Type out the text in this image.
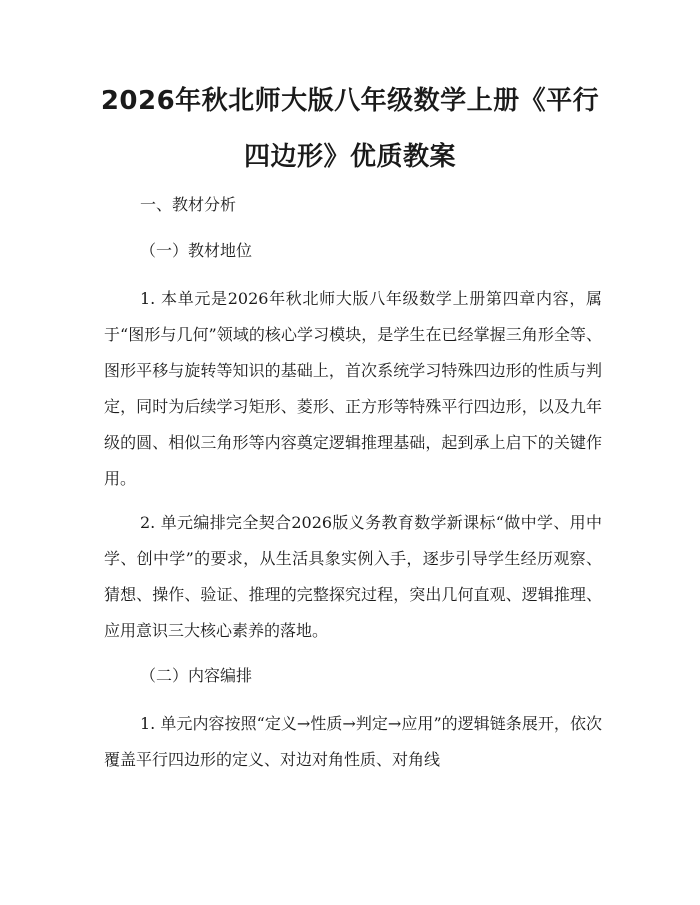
2026年秋北师大版八年级数学上册《平行四边形》优质教案

一、教材分析

（一）教材地位

1. 本单元是2026年秋北师大版八年级数学上册第四章内容，属于“图形与几何”领域的核心学习模块，是学生在已经掌握三角形全等、图形平移与旋转等知识的基础上，首次系统学习特殊四边形的性质与判定，同时为后续学习矩形、菱形、正方形等特殊平行四边形，以及九年级的圆、相似三角形等内容奠定逻辑推理基础，起到承上启下的关键作用。

2. 单元编排完全契合2026版义务教育数学新课标“做中学、用中学、创中学”的要求，从生活具象实例入手，逐步引导学生经历观察、猜想、操作、验证、推理的完整探究过程，突出几何直观、逻辑推理、应用意识三大核心素养的落地。

（二）内容编排

1. 单元内容按照“定义→性质→判定→应用”的逻辑链条展开，依次覆盖平行四边形的定义、对边对角性质、对角线
